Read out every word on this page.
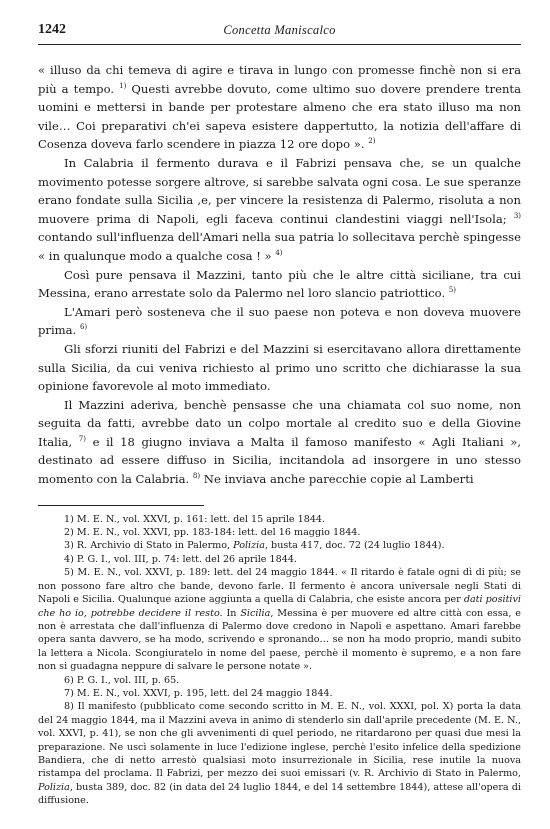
1242	Concetta Maniscalco

« illuso da chi temeva di agire e tirava in lungo con promesse finchè non si era più a tempo. $^{1)}$ Questi avrebbe dovuto, come ultimo suo dovere prendere trenta uomini e mettersi in bande per protestare almeno che era stato illuso ma non vile… Coi preparativi ch'ei sapeva esistere dappertutto, la notizia dell'affare di Cosenza doveva farlo scendere in piazza 12 ore dopo ». $^{2)}$

In Calabria il fermento durava e il Fabrizi pensava che, se un qualche movimento potesse sorgere altrove, si sarebbe salvata ogni cosa. Le sue speranze erano fondate sulla Sicilia ,e, per vincere la resistenza di Palermo, risoluta a non muovere prima di Napoli, egli faceva continui clandestini viaggi nell'Isola; $^{3)}$ contando sull'influenza dell'Amari nella sua patria lo sollecitava perchè spingesse « in qualunque modo a qualche cosa ! » $^{4)}$

Così pure pensava il Mazzini, tanto più che le altre città siciliane, tra cui Messina, erano arrestate solo da Palermo nel loro slancio patriottico. $^{5)}$

L'Amari però sosteneva che il suo paese non poteva e non doveva muovere prima. $^{6)}$

Gli sforzi riuniti del Fabrizi e del Mazzini si esercitavano allora direttamente sulla Sicilia, da cui veniva richiesto al primo uno scritto che dichiarasse la sua opinione favorevole al moto immediato.

Il Mazzini aderiva, benchè pensasse che una chiamata col suo nome, non seguita da fatti, avrebbe dato un colpo mortale al credito suo e della Giovine Italia, $^{7)}$ e il 18 giugno inviava a Malta il famoso manifesto « Agli Italiani », destinato ad essere diffuso in Sicilia, incitandola ad insorgere in uno stesso momento con la Calabria. $^{8)}$ Ne inviava anche parecchie copie al Lamberti

1) M. E. N., vol. XXVI, p. 161: lett. del 15 aprile 1844.

2) M. E. N., vol. XXVI, pp. 183-184: lett. del 16 maggio 1844.

3) R. Archivio di Stato in Palermo, Polizia, busta 417, doc. 72 (24 luglio 1844).

4) P. G. I., vol. III, p. 74: lett. del 26 aprile 1844.

5) M. E. N., vol. XXVI, p. 189: lett. del 24 maggio 1844. « Il ritardo è fatale ogni dì di più; se non possono fare altro che bande, devono farle. Il fermento è ancora universale negli Stati di Napoli e Sicilia. Qualunque azione aggiunta a quella di Calabria, che esiste ancora per dati positivi che ho io, potrebbe decidere il resto. In Sicilia, Messina è per muovere ed altre città con essa, e non è arrestata che dall'influenza di Palermo dove credono in Napoli e aspettano. Amari farebbe opera santa davvero, se ha modo, scrivendo e spronando… se non ha modo proprio, mandi subito la lettera a Nicola. Scongiuratelo in nome del paese, perchè il momento è supremo, e a non fare non si guadagna neppure di salvare le persone notate ».

6) P. G. I., vol. III, p. 65.

7) M. E. N., vol. XXVI, p. 195, lett. del 24 maggio 1844.

8) Il manifesto (pubblicato come secondo scritto in M. E. N., vol. XXXI, pol. X) porta la data del 24 maggio 1844, ma il Mazzini aveva in animo di stenderlo sin dall'aprile precedente (M. E. N., vol. XXVI, p. 41), se non che gli avvenimenti di quel periodo, ne ritardarono per quasi due mesi la preparazione. Ne uscì solamente in luce l'edizione inglese, perchè l'esito infelice della spedizione Bandiera, che di netto arrestò qualsiasi moto insurrezionale in Sicilia, rese inutile la nuova ristampa del proclama. Il Fabrizi, per mezzo dei suoi emissari (v. R. Archivio di Stato in Palermo, Polizia, busta 389, doc. 82 (in data del 24 luglio 1844, e del 14 settembre 1844), attese all'opera di diffusione.
